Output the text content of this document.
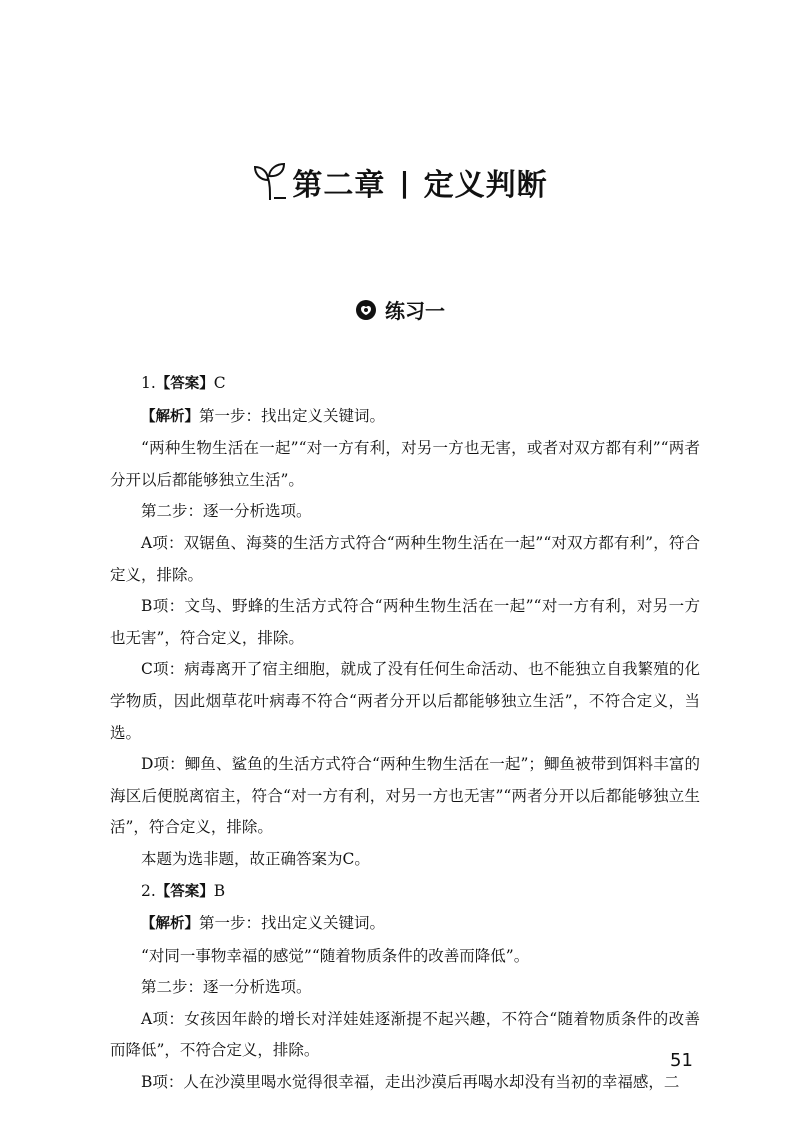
第二章 | 定义判断
练习一

1.【答案】C

【解析】第一步：找出定义关键词。

“两种生物生活在一起”“对一方有利，对另一方也无害，或者对双方都有利”“两者分开以后都能够独立生活”。

第二步：逐一分析选项。

A项：双锯鱼、海葵的生活方式符合“两种生物生活在一起”“对双方都有利”，符合定义，排除。

B项：文鸟、野蜂的生活方式符合“两种生物生活在一起”“对一方有利，对另一方也无害”，符合定义，排除。

C项：病毒离开了宿主细胞，就成了没有任何生命活动、也不能独立自我繁殖的化学物质，因此烟草花叶病毒不符合“两者分开以后都能够独立生活”，不符合定义，当选。

D项：鲫鱼、鲨鱼的生活方式符合“两种生物生活在一起”；鲫鱼被带到饵料丰富的海区后便脱离宿主，符合“对一方有利，对另一方也无害”“两者分开以后都能够独立生活”，符合定义，排除。

本题为选非题，故正确答案为C。

2.【答案】B

【解析】第一步：找出定义关键词。

“对同一事物幸福的感觉”“随着物质条件的改善而降低”。

第二步：逐一分析选项。

A项：女孩因年龄的增长对洋娃娃逐渐提不起兴趣，不符合“随着物质条件的改善而降低”，不符合定义，排除。

B项：人在沙漠里喝水觉得很幸福，走出沙漠后再喝水却没有当初的幸福感，二

51
